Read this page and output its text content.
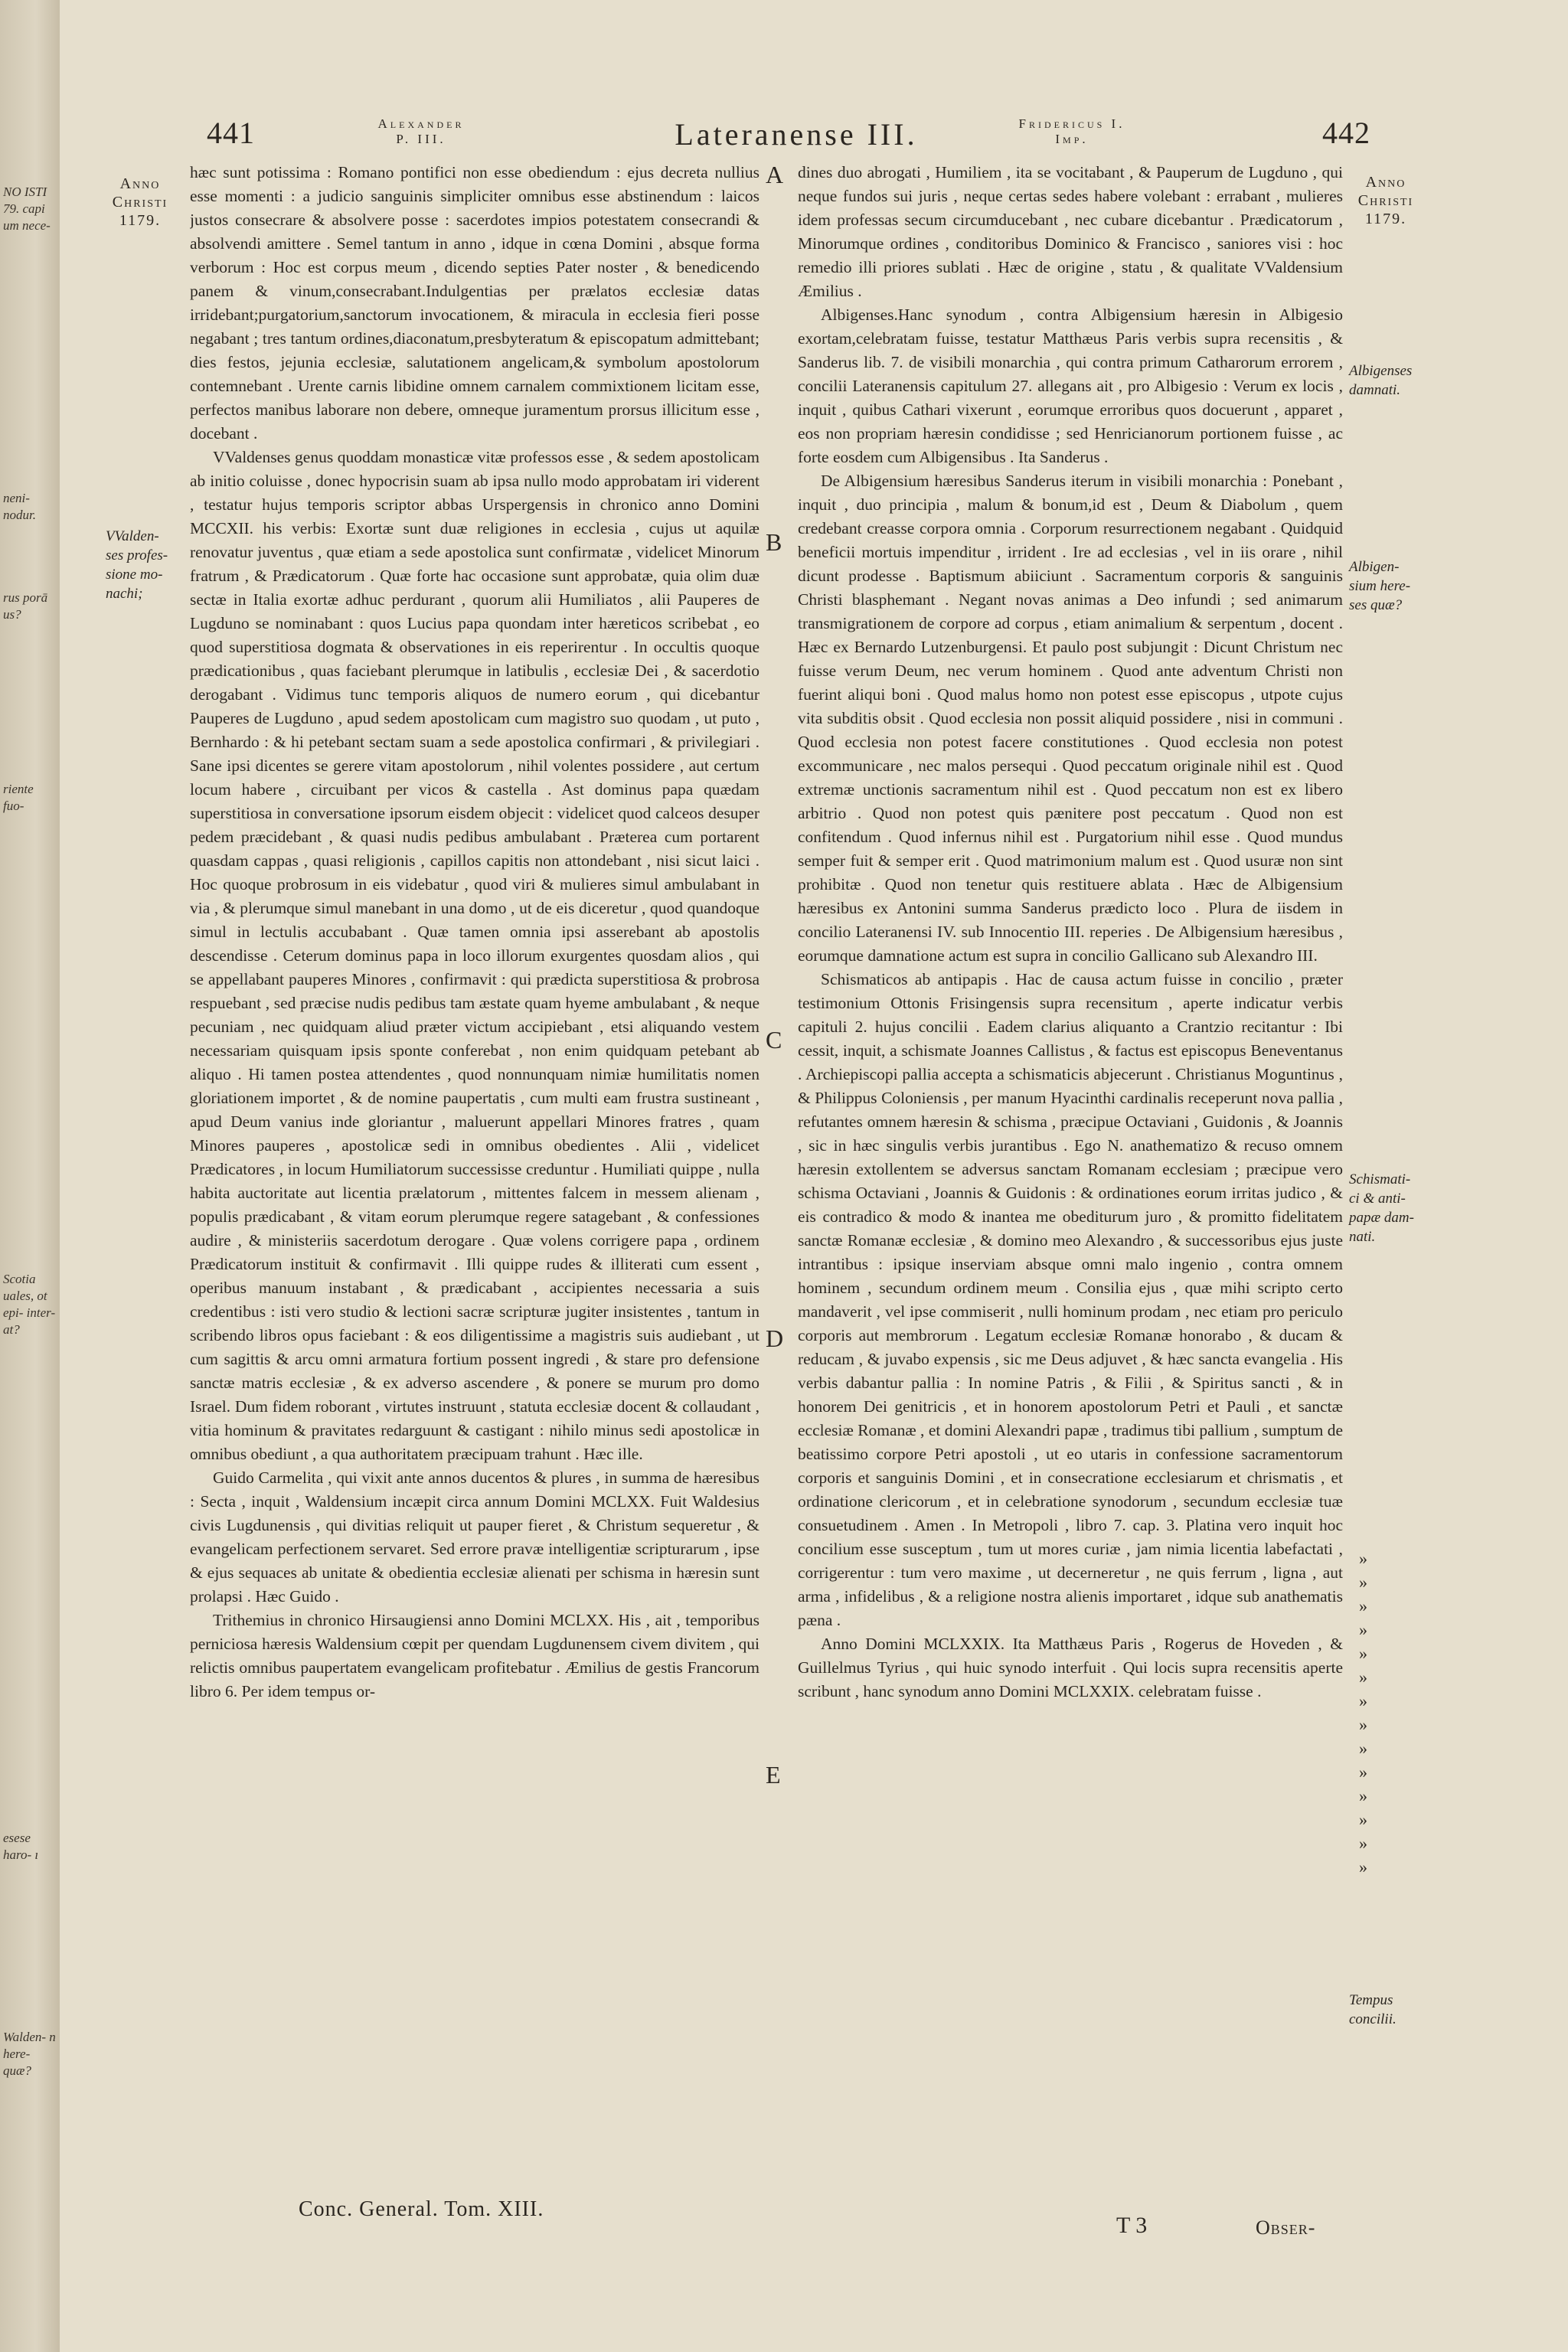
NO ISTI 79. capi um nece-
neni- nodur.
rus porā us?
riente fuo-
Scotia uales, ot epi- inter- at?
esese haro- ı
Walden- n here- quæ?
441	Alexander
P. III.	Lateranense III.	Fridericus I.
Imp.	442
Anno
Christi
1179.
Anno
Christi
1179.
VValden-
ses profes-
sione mo-
nachi;
Albigenses
damnati.
Albigen-
sium here-
ses quæ?
Schismati-
ci & anti-
papæ dam-
nati.
Tempus
concilii.
A
B
C
D
E

hæc sunt potissima : Romano pontifici non esse obediendum : ejus decreta nullius esse momenti : a judicio sanguinis simpliciter omnibus esse abstinendum : laicos justos consecrare & absolvere posse : sacerdotes impios potestatem consecrandi & absolvendi amittere . Semel tantum in anno , idque in cœna Domini , absque forma verborum : Hoc est corpus meum , dicendo septies Pater noster , & benedicendo panem & vinum,consecrabant.Indulgentias per prælatos ecclesiæ datas irridebant;purgatorium,sanctorum invocationem, & miracula in ecclesia fieri posse negabant ; tres tantum ordines,diaconatum,presbyteratum & episcopatum admittebant; dies festos, jejunia ecclesiæ, salutationem angelicam,& symbolum apostolorum contemnebant . Urente carnis libidine omnem carnalem commixtionem licitam esse, perfectos manibus laborare non debere, omneque juramentum prorsus illicitum esse , docebant .

VValdenses genus quoddam monasticæ vitæ professos esse , & sedem apostolicam ab initio coluisse , donec hypocrisin suam ab ipsa nullo modo approbatam iri viderent , testatur hujus temporis scriptor abbas Urspergensis in chronico anno Domini MCCXII. his verbis: Exortæ sunt duæ religiones in ecclesia , cujus ut aquilæ renovatur juventus , quæ etiam a sede apostolica sunt confirmatæ , videlicet Minorum fratrum , & Prædicatorum . Quæ forte hac occasione sunt approbatæ, quia olim duæ sectæ in Italia exortæ adhuc perdurant , quorum alii Humiliatos , alii Pauperes de Lugduno se nominabant : quos Lucius papa quondam inter hæreticos scribebat , eo quod superstitiosa dogmata & observationes in eis reperirentur . In occultis quoque prædicationibus , quas faciebant plerumque in latibulis , ecclesiæ Dei , & sacerdotio derogabant . Vidimus tunc temporis aliquos de numero eorum , qui dicebantur Pauperes de Lugduno , apud sedem apostolicam cum magistro suo quodam , ut puto , Bernhardo : & hi petebant sectam suam a sede apostolica confirmari , & privilegiari . Sane ipsi dicentes se gerere vitam apostolorum , nihil volentes possidere , aut certum locum habere , circuibant per vicos & castella . Ast dominus papa quædam superstitiosa in conversatione ipsorum eisdem objecit : videlicet quod calceos desuper pedem præcidebant , & quasi nudis pedibus ambulabant . Præterea cum portarent quasdam cappas , quasi religionis , capillos capitis non attondebant , nisi sicut laici . Hoc quoque probrosum in eis videbatur , quod viri & mulieres simul ambulabant in via , & plerumque simul manebant in una domo , ut de eis diceretur , quod quandoque simul in lectulis accubabant . Quæ tamen omnia ipsi asserebant ab apostolis descendisse . Ceterum dominus papa in loco illorum exurgentes quosdam alios , qui se appellabant pauperes Minores , confirmavit : qui prædicta superstitiosa & probrosa respuebant , sed præcise nudis pedibus tam æstate quam hyeme ambulabant , & neque pecuniam , nec quidquam aliud præter victum accipiebant , etsi aliquando vestem necessariam quisquam ipsis sponte conferebat , non enim quidquam petebant ab aliquo . Hi tamen postea attendentes , quod nonnunquam nimiæ humilitatis nomen gloriationem importet , & de nomine paupertatis , cum multi eam frustra sustineant , apud Deum vanius inde gloriantur , maluerunt appellari Minores fratres , quam Minores pauperes , apostolicæ sedi in omnibus obedientes . Alii , videlicet Prædicatores , in locum Humiliatorum successisse creduntur . Humiliati quippe , nulla habita auctoritate aut licentia prælatorum , mittentes falcem in messem alienam , populis prædicabant , & vitam eorum plerumque regere satagebant , & confessiones audire , & ministeriis sacerdotum derogare . Quæ volens corrigere papa , ordinem Prædicatorum instituit & confirmavit . Illi quippe rudes & illiterati cum essent , operibus manuum instabant , & prædicabant , accipientes necessaria a suis credentibus : isti vero studio & lectioni sacræ scripturæ jugiter insistentes , tantum in scribendo libros opus faciebant : & eos diligentissime a magistris suis audiebant , ut cum sagittis & arcu omni armatura fortium possent ingredi , & stare pro defensione sanctæ matris ecclesiæ , & ex adverso ascendere , & ponere se murum pro domo Israel. Dum fidem roborant , virtutes instruunt , statuta ecclesiæ docent & collaudant , vitia hominum & pravitates redarguunt & castigant : nihilo minus sedi apostolicæ in omnibus obediunt , a qua authoritatem præcipuam trahunt . Hæc ille.

Guido Carmelita , qui vixit ante annos ducentos & plures , in summa de hæresibus : Secta , inquit , Waldensium incæpit circa annum Domini MCLXX. Fuit Waldesius civis Lugdunensis , qui divitias reliquit ut pauper fieret , & Christum sequeretur , & evangelicam perfectionem servaret. Sed errore pravæ intelligentiæ scripturarum , ipse & ejus sequaces ab unitate & obedientia ecclesiæ alienati per schisma in hæresin sunt prolapsi . Hæc Guido .

Trithemius in chronico Hirsaugiensi anno Domini MCLXX. His , ait , temporibus perniciosa hæresis Waldensium cœpit per quendam Lugdunensem civem divitem , qui relictis omnibus paupertatem evangelicam profitebatur . Æmilius de gestis Francorum libro 6. Per idem tempus or-

dines duo abrogati , Humiliem , ita se vocitabant , & Pauperum de Lugduno , qui neque fundos sui juris , neque certas sedes habere volebant : errabant , mulieres idem professas secum circumducebant , nec cubare dicebantur . Prædicatorum , Minorumque ordines , conditoribus Dominico & Francisco , saniores visi : hoc remedio illi priores sublati . Hæc de origine , statu , & qualitate VValdensium Æmilius .

Albigenses.Hanc synodum , contra Albigensium hæresin in Albigesio exortam,celebratam fuisse, testatur Matthæus Paris verbis supra recensitis , & Sanderus lib. 7. de visibili monarchia , qui contra primum Catharorum errorem , concilii Lateranensis capitulum 27. allegans ait , pro Albigesio : Verum ex locis , inquit , quibus Cathari vixerunt , eorumque erroribus quos docuerunt , apparet , eos non propriam hæresin condidisse ; sed Henricianorum portionem fuisse , ac forte eosdem cum Albigensibus . Ita Sanderus .

De Albigensium hæresibus Sanderus iterum in visibili monarchia : Ponebant , inquit , duo principia , malum & bonum,id est , Deum & Diabolum , quem credebant creasse corpora omnia . Corporum resurrectionem negabant . Quidquid beneficii mortuis impenditur , irrident . Ire ad ecclesias , vel in iis orare , nihil dicunt prodesse . Baptismum abiiciunt . Sacramentum corporis & sanguinis Christi blasphemant . Negant novas animas a Deo infundi ; sed animarum transmigrationem de corpore ad corpus , etiam animalium & serpentum , docent . Hæc ex Bernardo Lutzenburgensi. Et paulo post subjungit : Dicunt Christum nec fuisse verum Deum, nec verum hominem . Quod ante adventum Christi non fuerint aliqui boni . Quod malus homo non potest esse episcopus , utpote cujus vita subditis obsit . Quod ecclesia non possit aliquid possidere , nisi in communi . Quod ecclesia non potest facere constitutiones . Quod ecclesia non potest excommunicare , nec malos persequi . Quod peccatum originale nihil est . Quod extremæ unctionis sacramentum nihil est . Quod peccatum non est ex libero arbitrio . Quod non potest quis pænitere post peccatum . Quod non est confitendum . Quod infernus nihil est . Purgatorium nihil esse . Quod mundus semper fuit & semper erit . Quod matrimonium malum est . Quod usuræ non sint prohibitæ . Quod non tenetur quis restituere ablata . Hæc de Albigensium hæresibus ex Antonini summa Sanderus prædicto loco . Plura de iisdem in concilio Lateranensi IV. sub Innocentio III. reperies . De Albigensium hæresibus , eorumque damnatione actum est supra in concilio Gallicano sub Alexandro III.

Schismaticos ab antipapis . Hac de causa actum fuisse in concilio , præter testimonium Ottonis Frisingensis supra recensitum , aperte indicatur verbis capituli 2. hujus concilii . Eadem clarius aliquanto a Crantzio recitantur : Ibi cessit, inquit, a schismate Joannes Callistus , & factus est episcopus Beneventanus . Archiepiscopi pallia accepta a schismaticis abjecerunt . Christianus Moguntinus , & Philippus Coloniensis , per manum Hyacinthi cardinalis receperunt nova pallia , refutantes omnem hæresin & schisma , præcipue Octaviani , Guidonis , & Joannis , sic in hæc singulis verbis jurantibus . Ego N. anathematizo & recuso omnem hæresin extollentem se adversus sanctam Romanam ecclesiam ; præcipue vero schisma Octaviani , Joannis & Guidonis : & ordinationes eorum irritas judico , & eis contradico & modo & inantea me obediturum juro , & promitto fidelitatem sanctæ Romanæ ecclesiæ , & domino meo Alexandro , & successoribus ejus juste intrantibus : ipsique inserviam absque omni malo ingenio , contra omnem hominem , secundum ordinem meum . Consilia ejus , quæ mihi scripto certo mandaverit , vel ipse commiserit , nulli hominum prodam , nec etiam pro periculo corporis aut membrorum . Legatum ecclesiæ Romanæ honorabo , & ducam & reducam , & juvabo expensis , sic me Deus adjuvet , & hæc sancta evangelia . His verbis dabantur pallia : In nomine Patris , & Filii , & Spiritus sancti , & in honorem Dei genitricis , et in honorem apostolorum Petri et Pauli , et sanctæ ecclesiæ Romanæ , et domini Alexandri papæ , tradimus tibi pallium , sumptum de beatissimo corpore Petri apostoli , ut eo utaris in confessione sacramentorum corporis et sanguinis Domini , et in consecratione ecclesiarum et chrismatis , et ordinatione clericorum , et in celebratione synodorum , secundum ecclesiæ tuæ consuetudinem . Amen . In Metropoli , libro 7. cap. 3. Platina vero inquit hoc concilium esse susceptum , tum ut mores curiæ , jam nimia licentia labefactati , corrigerentur : tum vero maxime , ut decerneretur , ne quis ferrum , ligna , aut arma , infidelibus , & a religione nostra alienis importaret , idque sub anathematis pæna .

Anno Domini MCLXXIX. Ita Matthæus Paris , Rogerus de Hoveden , & Guillelmus Tyrius , qui huic synodo interfuit . Qui locis supra recensitis aperte scribunt , hanc synodum anno Domini MCLXXIX. celebratam fuisse .

»
»
»
»
»
»
»
»
»
»
»
»
»
»
Conc. General. Tom. XIII.
T 3	Obser-
